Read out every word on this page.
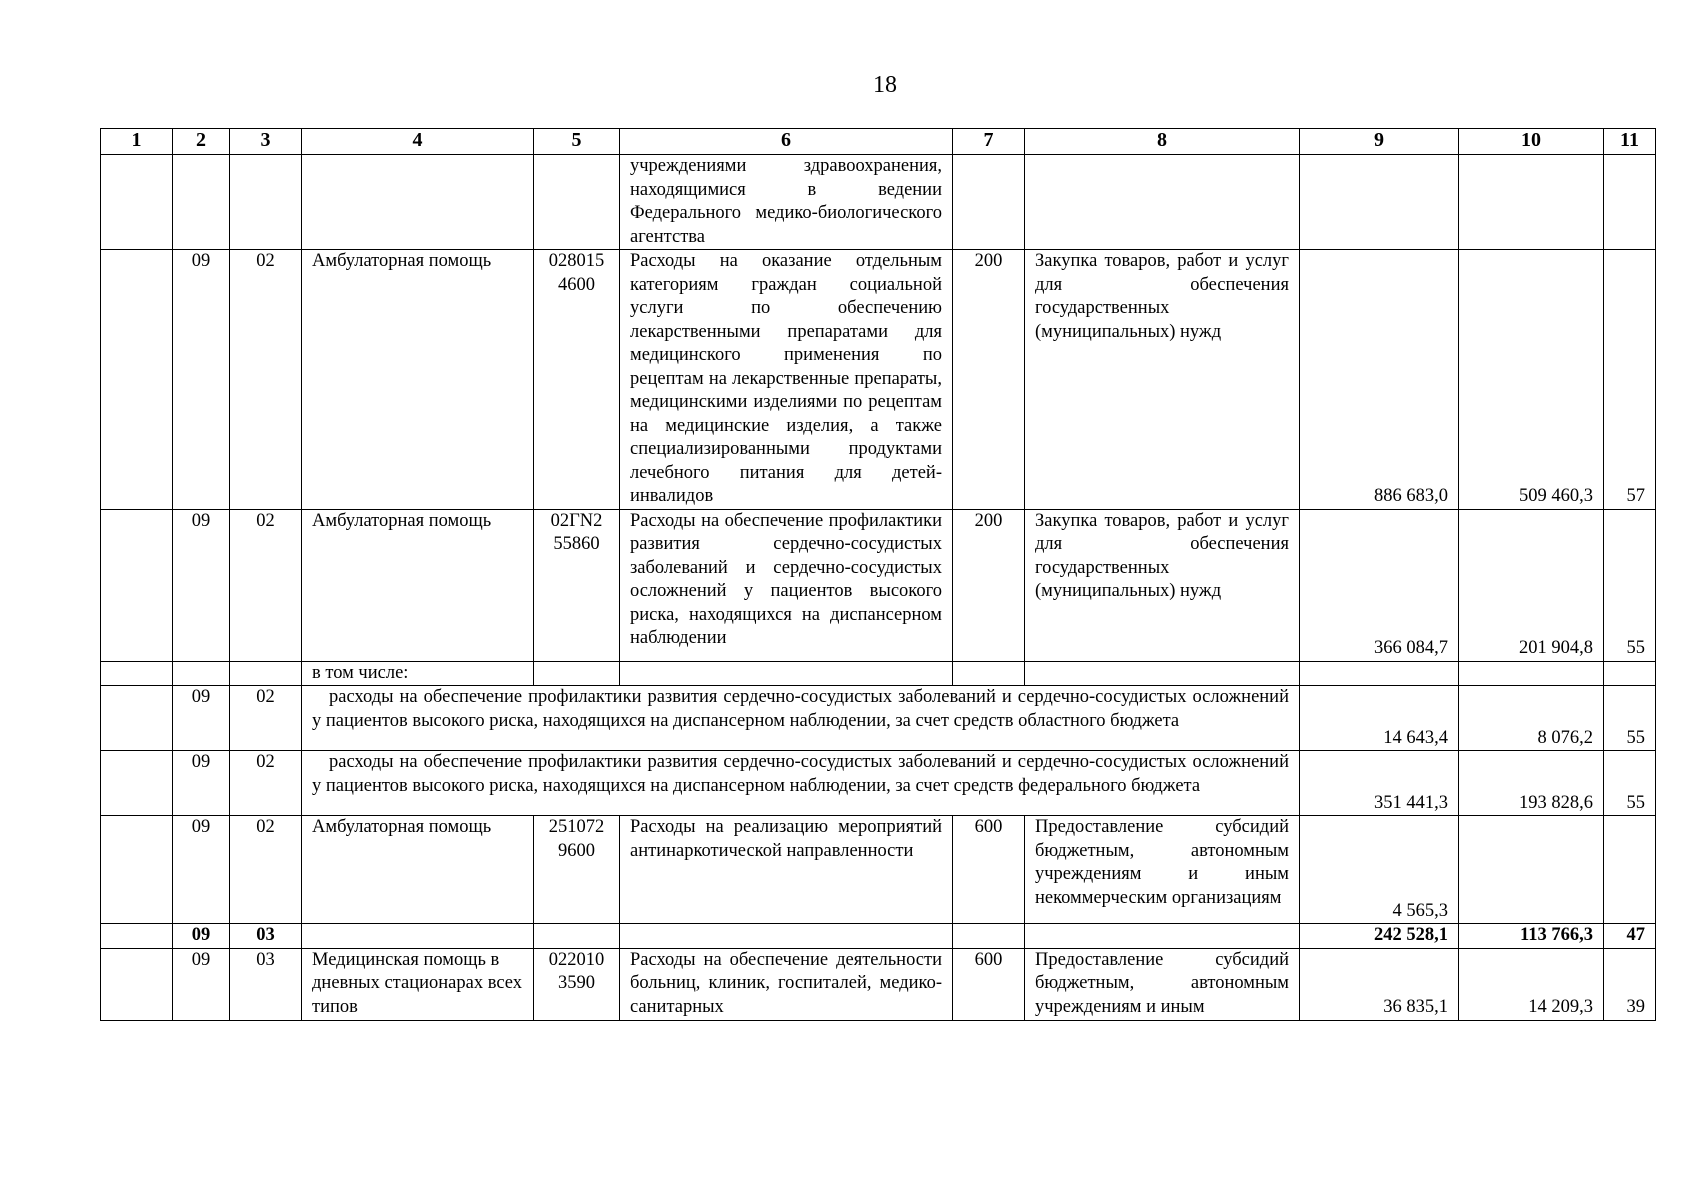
18
1	2	3	4	5	6	7	8	9	10	11
					учреждениями здравоохранения, находящимися в ведении Федерального медико-биологического агентства					
	09	02	Амбулаторная помощь	028015 4600	Расходы на оказание отдельным категориям граждан социальной услуги по обеспечению лекарственными препаратами для медицинского применения по рецептам на лекарственные препараты, медицинскими изделиями по рецептам на медицинские изделия, а также специализированными продуктами лечебного питания для детей-инвалидов	200	Закупка товаров, работ и услуг для обеспечения государственных (муниципальных) нужд	886 683,0	509 460,3	57
	09	02	Амбулаторная помощь	02ГN2 55860	Расходы на обеспечение профилактики развития сердечно-сосудистых заболеваний и сердечно-сосудистых осложнений у пациентов высокого риска, находящихся на диспансерном наблюдении	200	Закупка товаров, работ и услуг для обеспечения государственных (муниципальных) нужд	366 084,7	201 904,8	55
			в том числе:							
	09	02	расходы на обеспечение профилактики развития сердечно-сосудистых заболеваний и сердечно-сосудистых осложнений у пациентов высокого риска, находящихся на диспансерном наблюдении, за счет средств областного бюджета					14 643,4	8 076,2	55
	09	02	расходы на обеспечение профилактики развития сердечно-сосудистых заболеваний и сердечно-сосудистых осложнений у пациентов высокого риска, находящихся на диспансерном наблюдении, за счет средств федерального бюджета					351 441,3	193 828,6	55
	09	02	Амбулаторная помощь	251072 9600	Расходы на реализацию мероприятий антинаркотической направленности	600	Предоставление субсидий бюджетным, автономным учреждениям и иным некоммерческим организациям	4 565,3		
	09	03						242 528,1	113 766,3	47
	09	03	Медицинская помощь в дневных стационарах всех типов	022010 3590	Расходы на обеспечение деятельности больниц, клиник, госпиталей, медико-санитарных	600	Предоставление субсидий бюджетным, автономным учреждениям и иным	36 835,1	14 209,3	39
